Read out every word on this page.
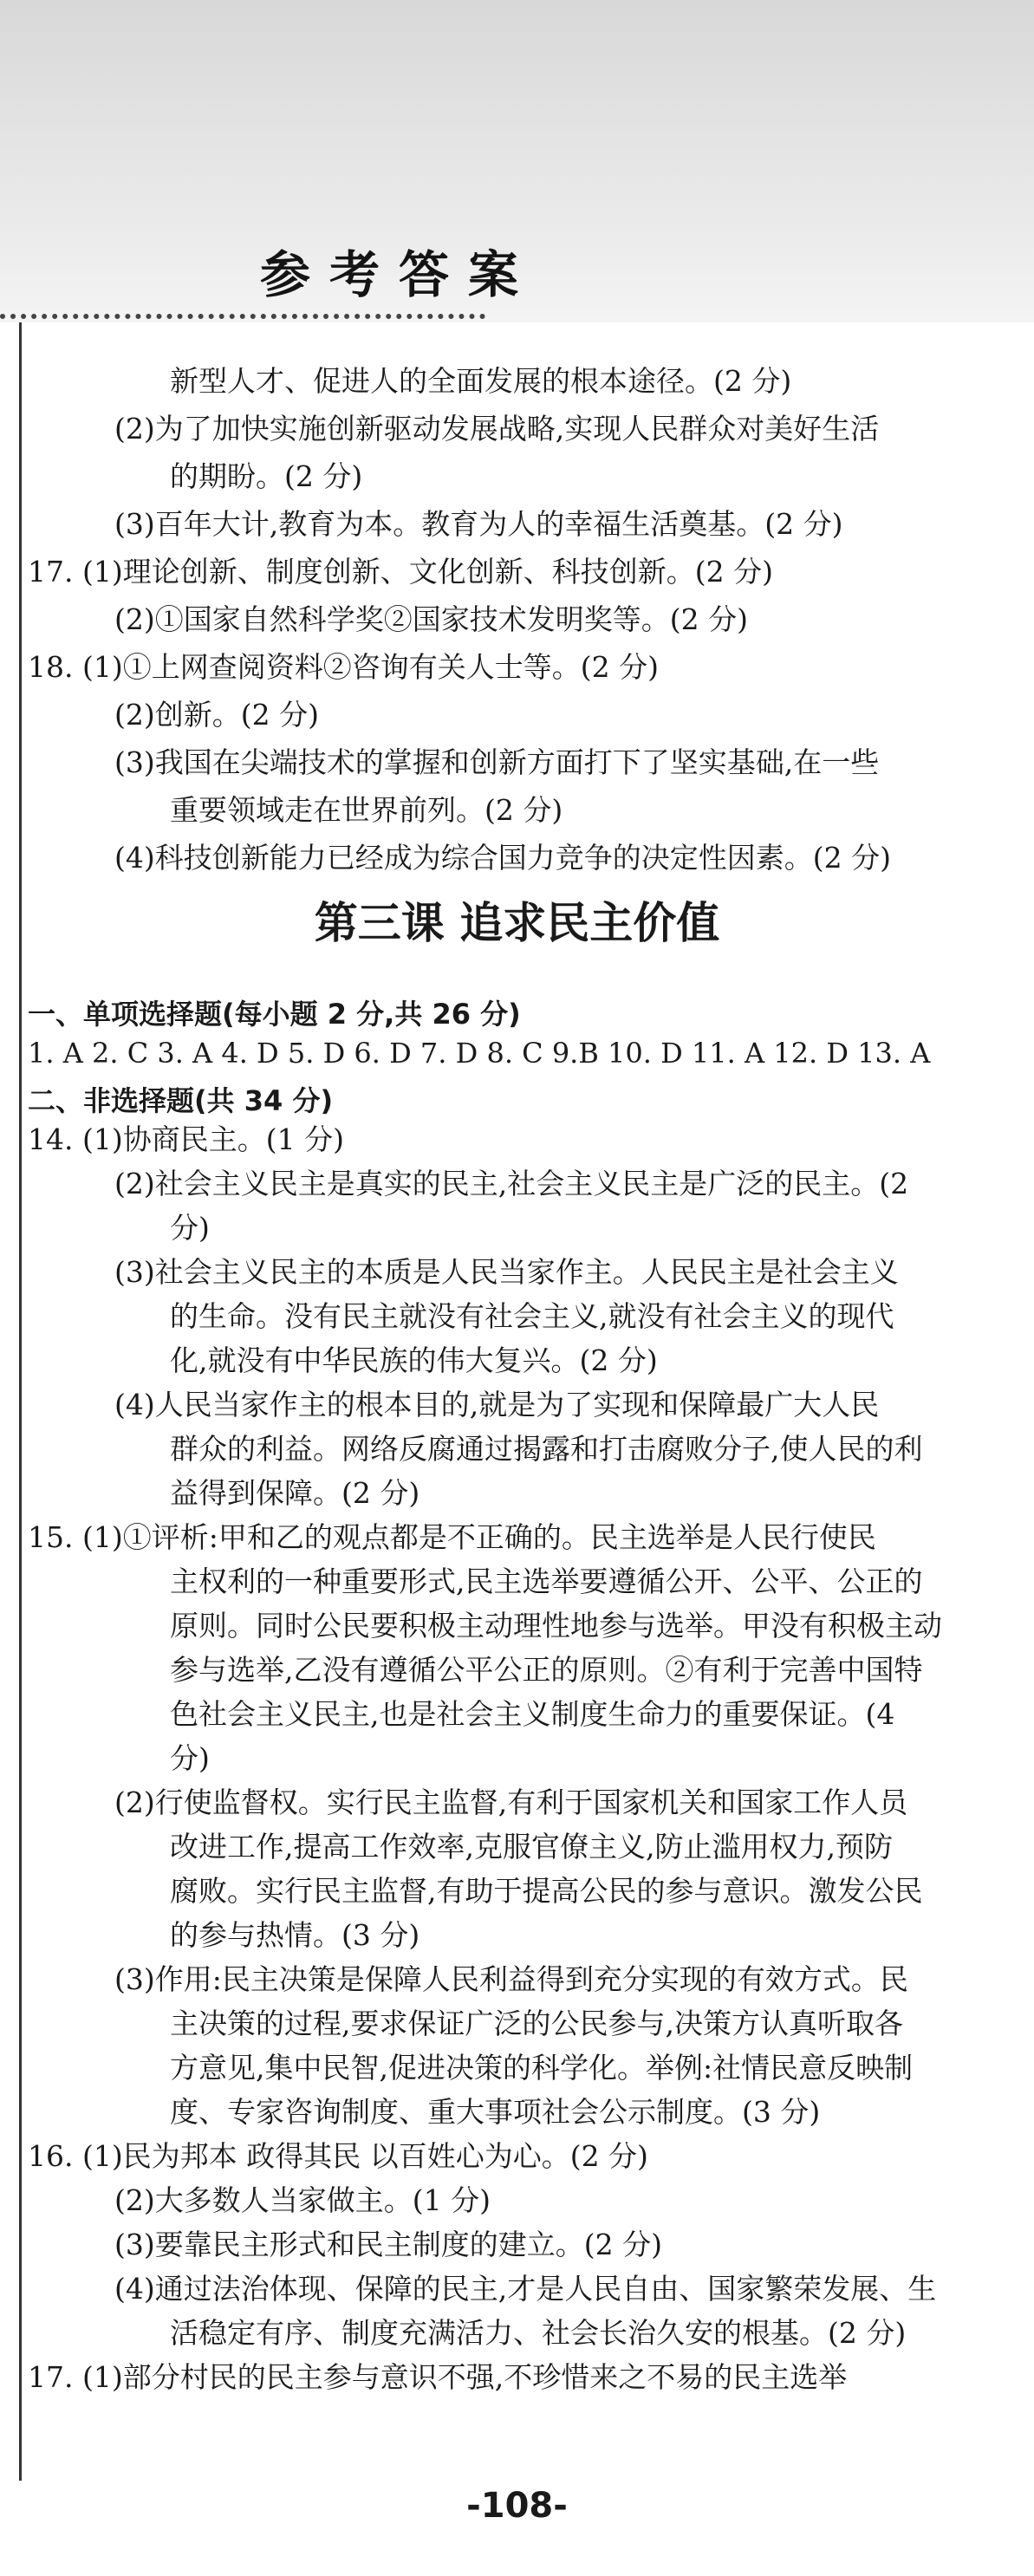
参考答案
新型人才、促进人的全面发展的根本途径。(2 分)
(2)为了加快实施创新驱动发展战略,实现人民群众对美好生活
的期盼。(2 分)
(3)百年大计,教育为本。教育为人的幸福生活奠基。(2 分)
17. (1)理论创新、制度创新、文化创新、科技创新。(2 分)
(2)①国家自然科学奖②国家技术发明奖等。(2 分)
18. (1)①上网查阅资料②咨询有关人士等。(2 分)
(2)创新。(2 分)
(3)我国在尖端技术的掌握和创新方面打下了坚实基础,在一些
重要领域走在世界前列。(2 分)
(4)科技创新能力已经成为综合国力竞争的决定性因素。(2 分)
第三课 追求民主价值
一、单项选择题(每小题 2 分,共 26 分)
1. A 2. C 3. A 4. D 5. D 6. D 7. D 8. C 9.B 10. D 11. A 12. D 13. A
二、非选择题(共 34 分)
14. (1)协商民主。(1 分)
(2)社会主义民主是真实的民主,社会主义民主是广泛的民主。(2
分)
(3)社会主义民主的本质是人民当家作主。人民民主是社会主义
的生命。没有民主就没有社会主义,就没有社会主义的现代
化,就没有中华民族的伟大复兴。(2 分)
(4)人民当家作主的根本目的,就是为了实现和保障最广大人民
群众的利益。网络反腐通过揭露和打击腐败分子,使人民的利
益得到保障。(2 分)
15. (1)①评析:甲和乙的观点都是不正确的。民主选举是人民行使民
主权利的一种重要形式,民主选举要遵循公开、公平、公正的
原则。同时公民要积极主动理性地参与选举。甲没有积极主动
参与选举,乙没有遵循公平公正的原则。②有利于完善中国特
色社会主义民主,也是社会主义制度生命力的重要保证。(4
分)
(2)行使监督权。实行民主监督,有利于国家机关和国家工作人员
改进工作,提高工作效率,克服官僚主义,防止滥用权力,预防
腐败。实行民主监督,有助于提高公民的参与意识。激发公民
的参与热情。(3 分)
(3)作用:民主决策是保障人民利益得到充分实现的有效方式。民
主决策的过程,要求保证广泛的公民参与,决策方认真听取各
方意见,集中民智,促进决策的科学化。举例:社情民意反映制
度、专家咨询制度、重大事项社会公示制度。(3 分)
16. (1)民为邦本 政得其民 以百姓心为心。(2 分)
(2)大多数人当家做主。(1 分)
(3)要靠民主形式和民主制度的建立。(2 分)
(4)通过法治体现、保障的民主,才是人民自由、国家繁荣发展、生
活稳定有序、制度充满活力、社会长治久安的根基。(2 分)
17. (1)部分村民的民主参与意识不强,不珍惜来之不易的民主选举
-108-
